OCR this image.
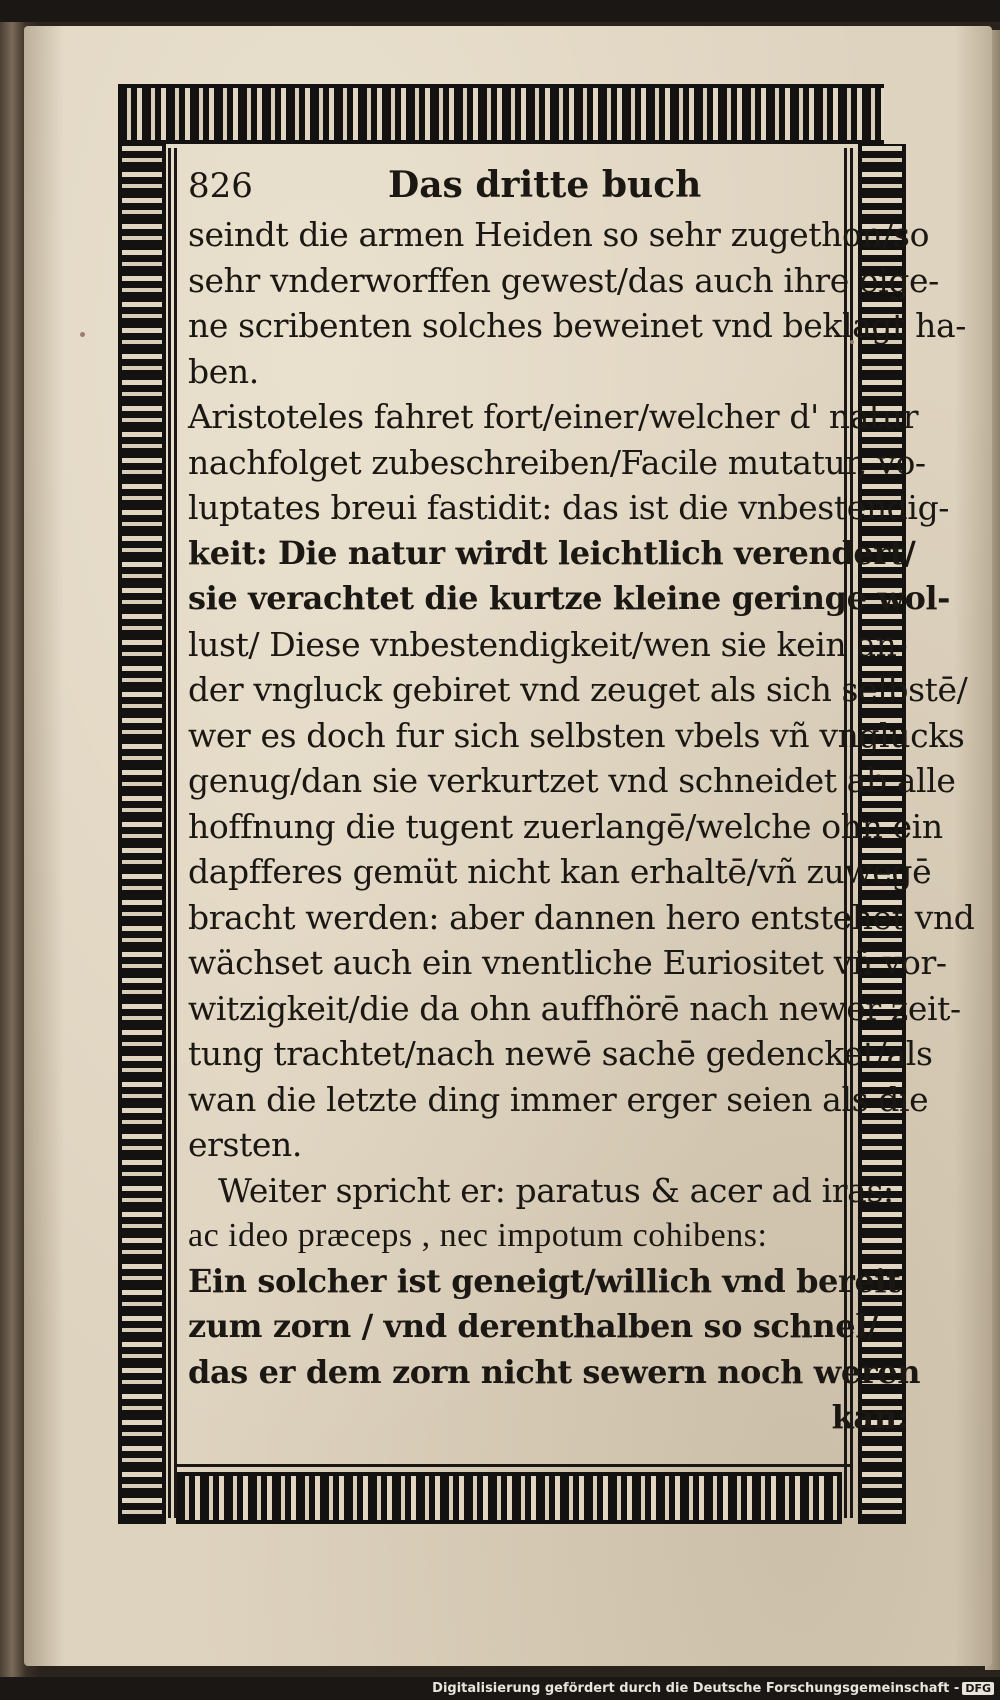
826	Das dritte buch
seindt die armen Heiden so sehr zugethon/so
sehr vnderworffen gewest/das auch ihre eige-
ne scribenten solches beweinet vnd beklagt ha-
ben.
Aristoteles fahret fort/einer/welcher d' natur
nachfolget zubeschreiben/Facile mutatur, vo-
luptates breui fastidit: das ist die vnbestendig-
keit: Die natur wirdt leichtlich verendert/
sie verachtet die kurtze kleine geringe wol-
lust/ Diese vnbestendigkeit/wen sie kein an-
der vngluck gebiret vnd zeuget als sich selbstē/
wer es doch fur sich selbsten vbels vñ vnglucks
genug/dan sie verkurtzet vnd schneidet ab alle
hoffnung die tugent zuerlangē/welche ohn ein
dapfferes gemüt nicht kan erhaltē/vñ zuwegē
bracht werden: aber dannen hero entstehet vnd
wächset auch ein vnentliche Euriositet vñ vor-
witzigkeit/die da ohn auffhörē nach newer zeit-
tung trachtet/nach newē sachē gedencket/als
wan die letzte ding immer erger seien als die
ersten.
Weiter spricht er: paratus & acer ad iras:
ac ideo præceps , nec impotum cohibens:
Ein solcher ist geneigt/willich vnd bereit
zum zorn / vnd derenthalben so schnel/
das er dem zorn nicht sewern noch weren
kan:
Digitalisierung gefördert durch die Deutsche Forschungsgemeinschaft - DFG
